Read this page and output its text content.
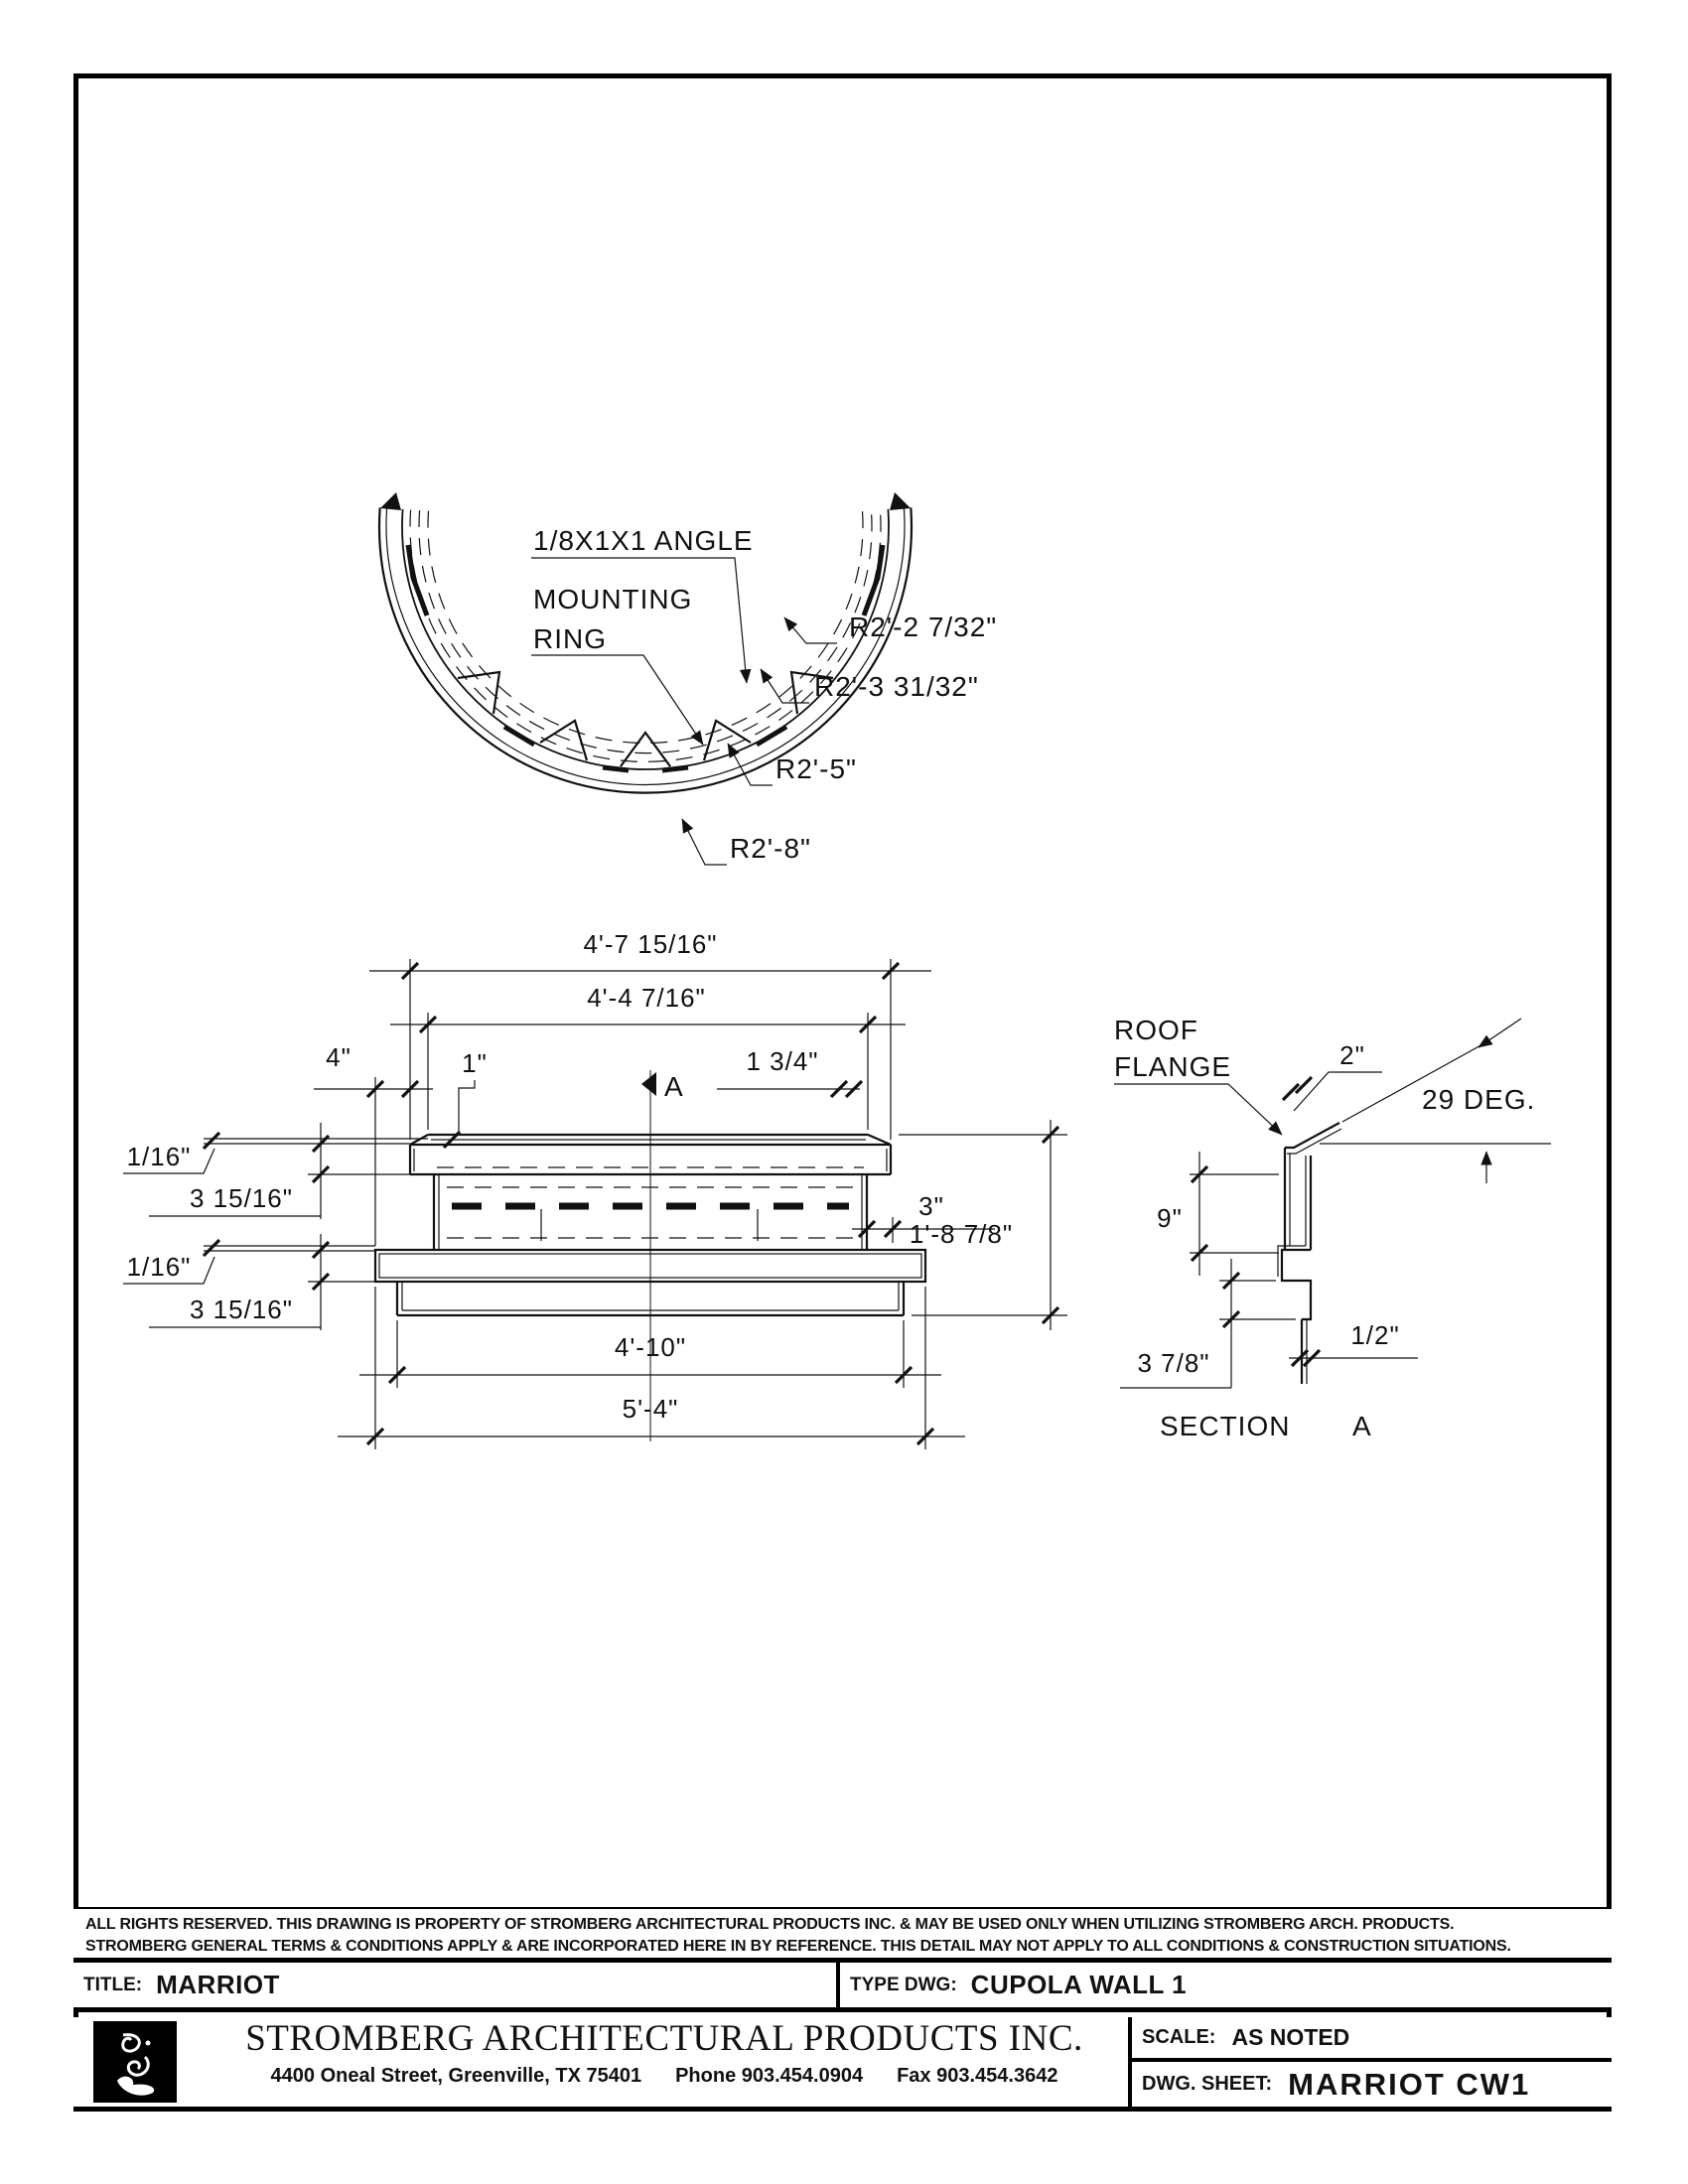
1/8X1X1 ANGLE
MOUNTING
RING	R2'-2 7/32"
R2'-3 31/32"
R2'-5"
R2'-8"
A
4'-7 15/16"
4'-4 7/16"
4"	1"	1 3/4"
1/16"
3 15/16"
1/16"
3 15/16"
3"
1'-8 7/8"
4'-10"
5'-4"
ROOF
FLANGE	2"
29 DEG.
9"
3 7/8"
1/2"
SECTION A
ALL RIGHTS RESERVED. THIS DRAWING IS PROPERTY OF STROMBERG ARCHITECTURAL PRODUCTS INC. & MAY BE USED ONLY WHEN UTILIZING STROMBERG ARCH. PRODUCTS.
STROMBERG GENERAL TERMS & CONDITIONS APPLY & ARE INCORPORATED HERE IN BY REFERENCE. THIS DETAIL MAY NOT APPLY TO ALL CONDITIONS & CONSTRUCTION SITUATIONS.
TITLE: MARRIOT	TYPE DWG: CUPOLA WALL 1
STROMBERG ARCHITECTURAL PRODUCTS INC.
4400 Oneal Street, Greenville, TX 75401 Phone 903.454.0904 Fax 903.454.3642
SCALE: AS NOTED
DWG. SHEET: MARRIOT CW1
